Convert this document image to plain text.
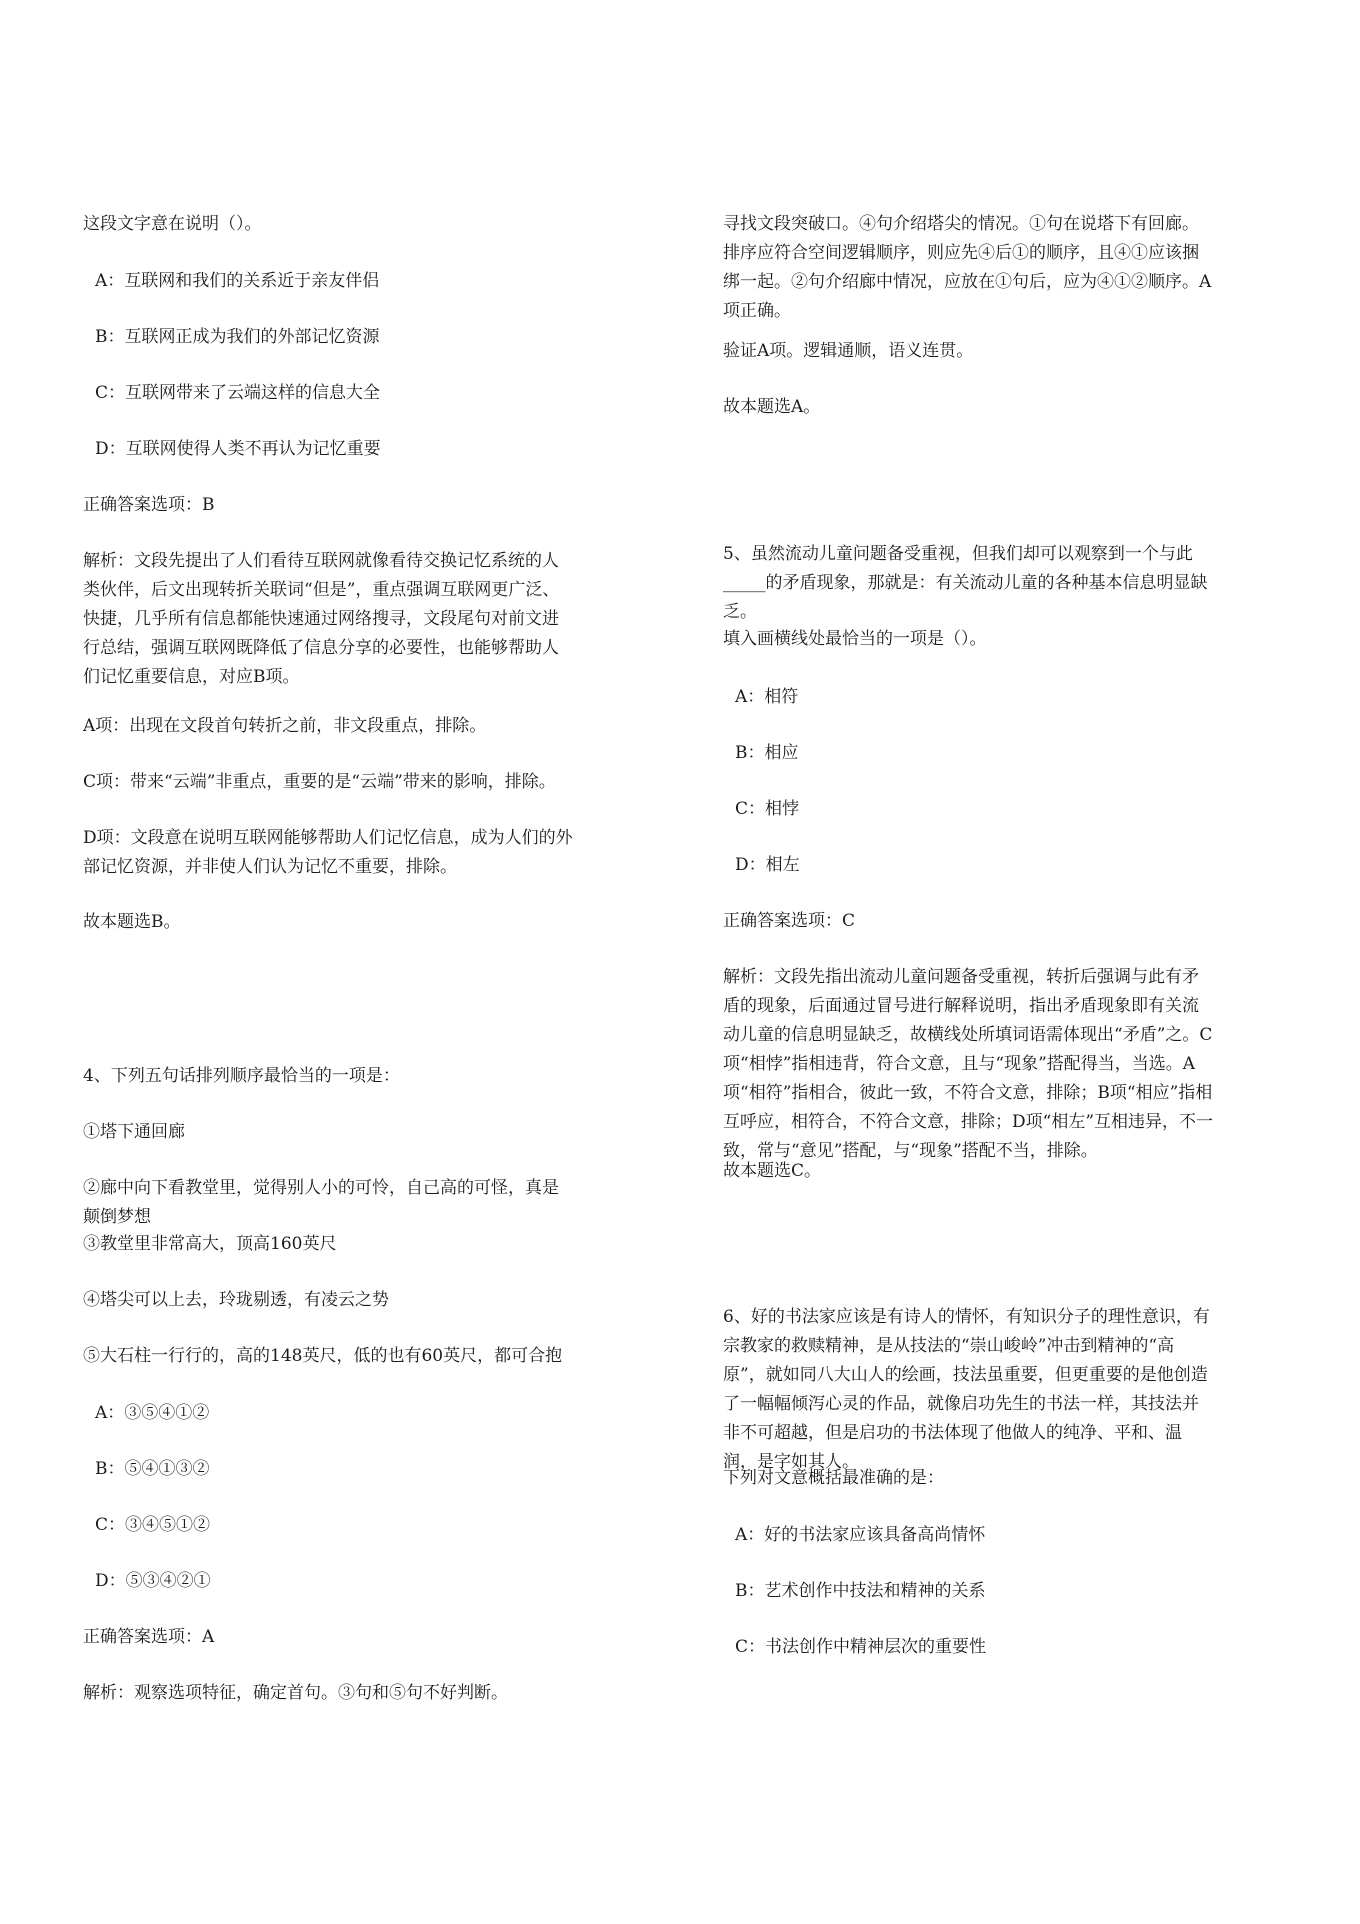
这段文字意在说明（）。
A：互联网和我们的关系近于亲友伴侣
B：互联网正成为我们的外部记忆资源
C：互联网带来了云端这样的信息大全
D：互联网使得人类不再认为记忆重要
正确答案选项：B
解析：文段先提出了人们看待互联网就像看待交换记忆系统的人类伙伴，后文出现转折关联词“但是”，重点强调互联网更广泛、快捷，几乎所有信息都能快速通过网络搜寻，文段尾句对前文进行总结，强调互联网既降低了信息分享的必要性，也能够帮助人们记忆重要信息，对应B项。
A项：出现在文段首句转折之前，非文段重点，排除。
C项：带来“云端”非重点，重要的是“云端”带来的影响，排除。
D项：文段意在说明互联网能够帮助人们记忆信息，成为人们的外部记忆资源，并非使人们认为记忆不重要，排除。
故本题选B。
4、下列五句话排列顺序最恰当的一项是：
①塔下通回廊
②廊中向下看教堂里，觉得别人小的可怜，自己高的可怪，真是颠倒梦想
③教堂里非常高大，顶高160英尺
④塔尖可以上去，玲珑剔透，有凌云之势
⑤大石柱一行行的，高的148英尺，低的也有60英尺，都可合抱
A：③⑤④①②
B：⑤④①③②
C：③④⑤①②
D：⑤③④②①
正确答案选项：A
解析：观察选项特征，确定首句。③句和⑤句不好判断。
寻找文段突破口。④句介绍塔尖的情况。①句在说塔下有回廊。排序应符合空间逻辑顺序，则应先④后①的顺序，且④①应该捆绑一起。②句介绍廊中情况，应放在①句后，应为④①②顺序。A项正确。
验证A项。逻辑通顺，语义连贯。
故本题选A。
5、虽然流动儿童问题备受重视，但我们却可以观察到一个与此_____的矛盾现象，那就是：有关流动儿童的各种基本信息明显缺乏。
填入画横线处最恰当的一项是（）。
A：相符
B：相应
C：相悖
D：相左
正确答案选项：C
解析：文段先指出流动儿童问题备受重视，转折后强调与此有矛盾的现象，后面通过冒号进行解释说明，指出矛盾现象即有关流动儿童的信息明显缺乏，故横线处所填词语需体现出“矛盾”之。C项“相悖”指相违背，符合文意，且与“现象”搭配得当，当选。A项“相符”指相合，彼此一致，不符合文意，排除；B项“相应”指相互呼应，相符合，不符合文意，排除；D项“相左”互相违异，不一致，常与“意见”搭配，与“现象”搭配不当，排除。
故本题选C。
6、好的书法家应该是有诗人的情怀，有知识分子的理性意识，有宗教家的救赎精神，是从技法的“崇山峻岭”冲击到精神的“高原”，就如同八大山人的绘画，技法虽重要，但更重要的是他创造了一幅幅倾泻心灵的作品，就像启功先生的书法一样，其技法并非不可超越，但是启功的书法体现了他做人的纯净、平和、温润，是字如其人。
下列对文意概括最准确的是：
A：好的书法家应该具备高尚情怀
B：艺术创作中技法和精神的关系
C：书法创作中精神层次的重要性
